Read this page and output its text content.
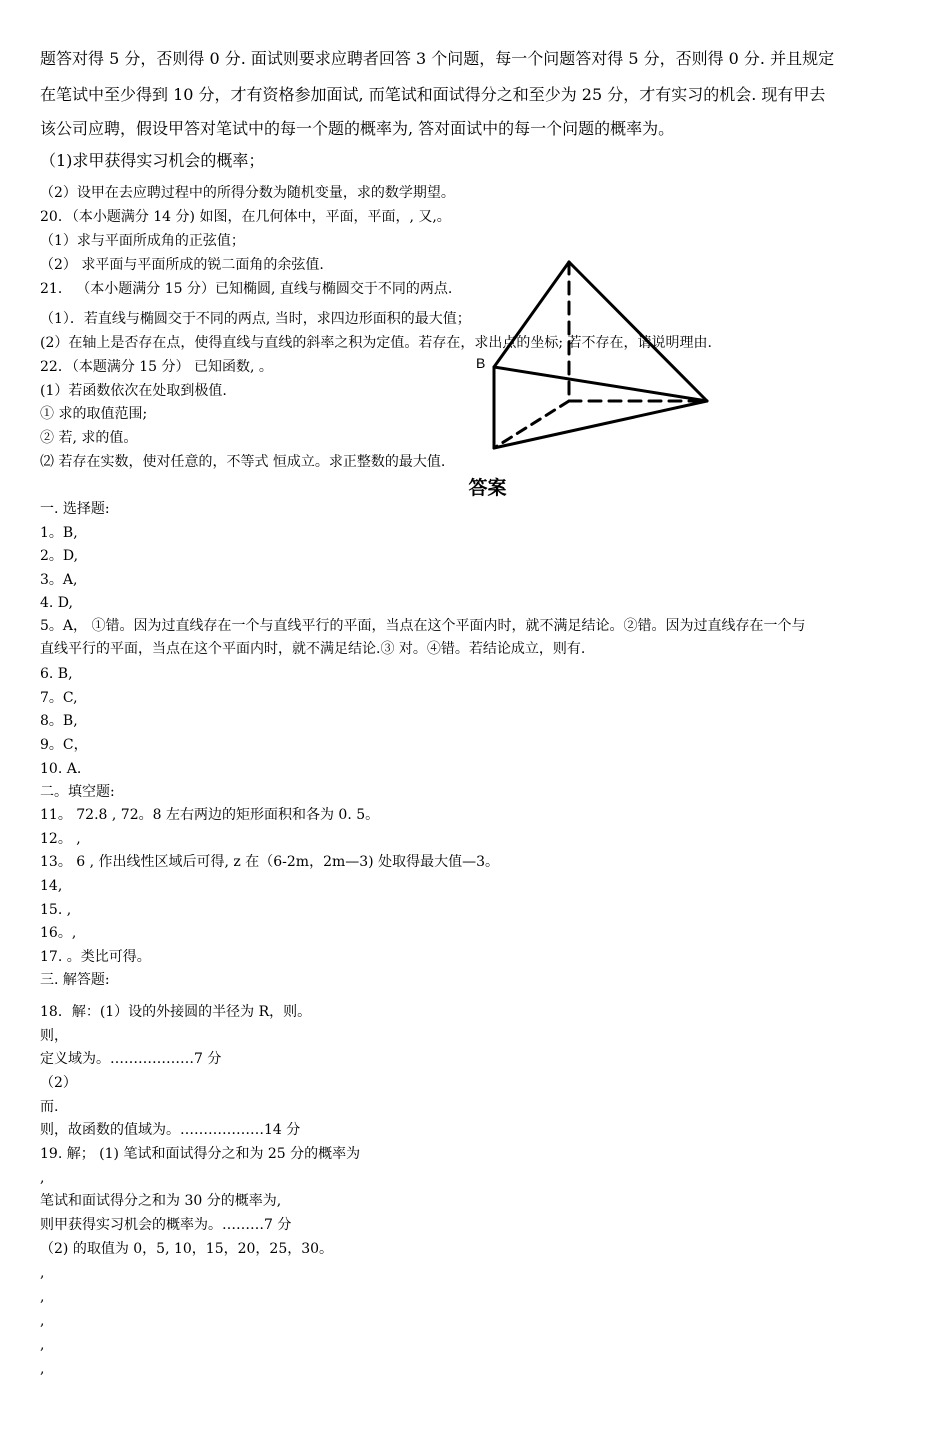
题答对得 5 分，否则得 0 分. 面试则要求应聘者回答 3 个问题，每一个问题答对得 5 分，否则得 0 分. 并且规定
在笔试中至少得到 10 分，才有资格参加面试, 而笔试和面试得分之和至少为 25 分，才有实习的机会. 现有甲去
该公司应聘，假设甲答对笔试中的每一个题的概率为, 答对面试中的每一个问题的概率为。
（1)求甲获得实习机会的概率；
（2）设甲在去应聘过程中的所得分数为随机变量，求的数学期望。
20．（本小题满分 14 分) 如图，在几何体中，平面，平面，, 又,。
（1）求与平面所成角的正弦值；
（2） 求平面与平面所成的锐二面角的余弦值.
21． （本小题满分 15 分）已知椭圆, 直线与椭圆交于不同的两点.
（1）．若直线与椭圆交于不同的两点, 当时，求四边形面积的最大值；
(2）在轴上是否存在点，使得直线与直线的斜率之积为定值。若存在，求出点的坐标; 若不存在，请说明理由.
22．（本题满分 15 分） 已知函数, 。
(1）若函数依次在处取到极值.
① 求的取值范围;
② 若, 求的值。
⑵ 若存在实数，使对任意的，不等式 恒成立。求正整数的最大值.
B
答案
一. 选择题:
1。B,
2。D,
3。A,
4. D,
5。A， ①错。因为过直线存在一个与直线平行的平面，当点在这个平面内时，就不满足结论。②错。因为过直线存在一个与
直线平行的平面，当点在这个平面内时，就不满足结论.③ 对。④错。若结论成立，则有.
6. B,
7。C,
8。B,
9。C，
10. A.
二。填空题:
11。 72.8 , 72。8 左右两边的矩形面积和各为 0. 5。
12。 ,
13。 6 , 作出线性区域后可得, z 在（6-2m，2m—3) 处取得最大值—3。
14,
15. ,
16。,
17. 。类比可得。
三. 解答题:
18．解：(1）设的外接圆的半径为 R，则。
则，
定义域为。………………7 分
（2）
而.
则，故函数的值域为。………………14 分
19. 解； (1) 笔试和面试得分之和为 25 分的概率为
,
笔试和面试得分之和为 30 分的概率为,
则甲获得实习机会的概率为。………7 分
（2) 的取值为 0，5, 10，15，20，25，30。
,
,
,
,
,
